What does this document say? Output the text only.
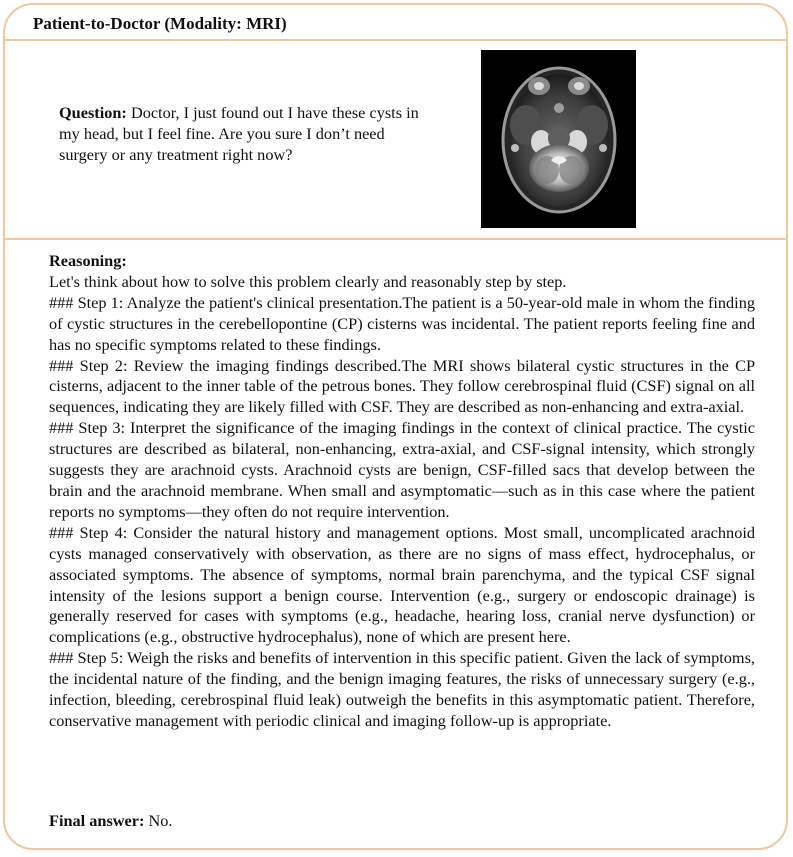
Patient-to-Doctor (Modality: MRI)
Question: Doctor, I just found out I have these cysts in my head, but I feel fine. Are you sure I don’t need surgery or any treatment right now?

Reasoning:

Let's think about how to solve this problem clearly and reasonably step by step.

### Step 1: Analyze the patient's clinical presentation.The patient is a 50-year-old male in whom the finding of cystic structures in the cerebellopontine (CP) cisterns was incidental. The patient reports feeling fine and has no specific symptoms related to these findings.

### Step 2: Review the imaging findings described.The MRI shows bilateral cystic structures in the CP cisterns, adjacent to the inner table of the petrous bones. They follow cerebrospinal fluid (CSF) signal on all sequences, indicating they are likely filled with CSF. They are described as non-enhancing and extra-axial.

### Step 3: Interpret the significance of the imaging findings in the context of clinical practice. The cystic structures are described as bilateral, non-enhancing, extra-axial, and CSF-signal intensity, which strongly suggests they are arachnoid cysts. Arachnoid cysts are benign, CSF-filled sacs that develop between the brain and the arachnoid membrane. When small and asymptomatic—such as in this case where the patient reports no symptoms—they often do not require intervention.

### Step 4: Consider the natural history and management options. Most small, uncomplicated arachnoid cysts managed conservatively with observation, as there are no signs of mass effect, hydrocephalus, or associated symptoms. The absence of symptoms, normal brain parenchyma, and the typical CSF signal intensity of the lesions support a benign course. Intervention (e.g., surgery or endoscopic drainage) is generally reserved for cases with symptoms (e.g., headache, hearing loss, cranial nerve dysfunction) or complications (e.g., obstructive hydrocephalus), none of which are present here.

### Step 5: Weigh the risks and benefits of intervention in this specific patient. Given the lack of symptoms, the incidental nature of the finding, and the benign imaging features, the risks of unnecessary surgery (e.g., infection, bleeding, cerebrospinal fluid leak) outweigh the benefits in this asymptomatic patient. Therefore, conservative management with periodic clinical and imaging follow-up is appropriate.

Final answer: No.
